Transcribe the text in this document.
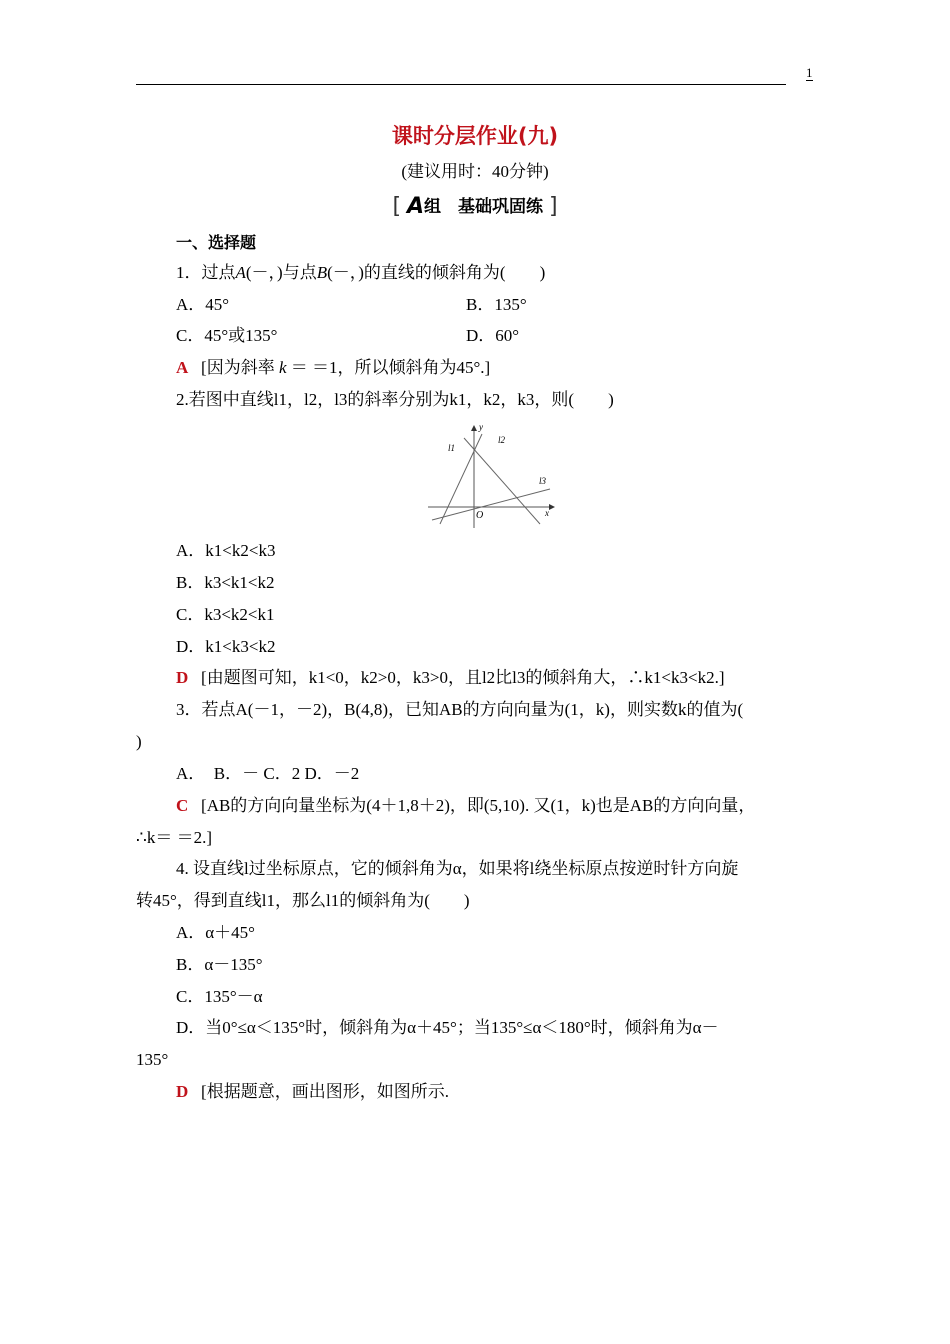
1
课时分层作业(九)
(建议用时：40分钟)
[ A组　基础巩固练 ]
一、选择题
1．过点A(－，)与点B(－，)的直线的倾斜角为(　　)
A．45°	B．135°
C．45°或135°	D．60°
A [因为斜率 k ＝ ＝1，所以倾斜角为45°.]
2.若图中直线l1，l2，l3的斜率分别为k1，k2，k3，则(　　)
y
x
O
l1
l2
l3
A．k1<k2<k3
B．k3<k1<k2
C．k3<k2<k1
D．k1<k3<k2
D [由题图可知，k1<0，k2>0，k3>0，且l2比l3的倾斜角大，∴k1<k3<k2.]
3．若点A(－1，－2)，B(4,8)，已知AB的方向向量为(1，k)，则实数k的值为(
)
A．　B．－ C．2 D．－2
C [AB的方向向量坐标为(4＋1,8＋2)，即(5,10). 又(1，k)也是AB的方向向量，
∴k＝ ＝2.]
4. 设直线l过坐标原点，它的倾斜角为α，如果将l绕坐标原点按逆时针方向旋
转45°，得到直线l1，那么l1的倾斜角为(　　)
A．α＋45°
B．α－135°
C．135°－α
D．当0°≤α＜135°时，倾斜角为α＋45°；当135°≤α＜180°时，倾斜角为α－
135°
D [根据题意，画出图形，如图所示.
